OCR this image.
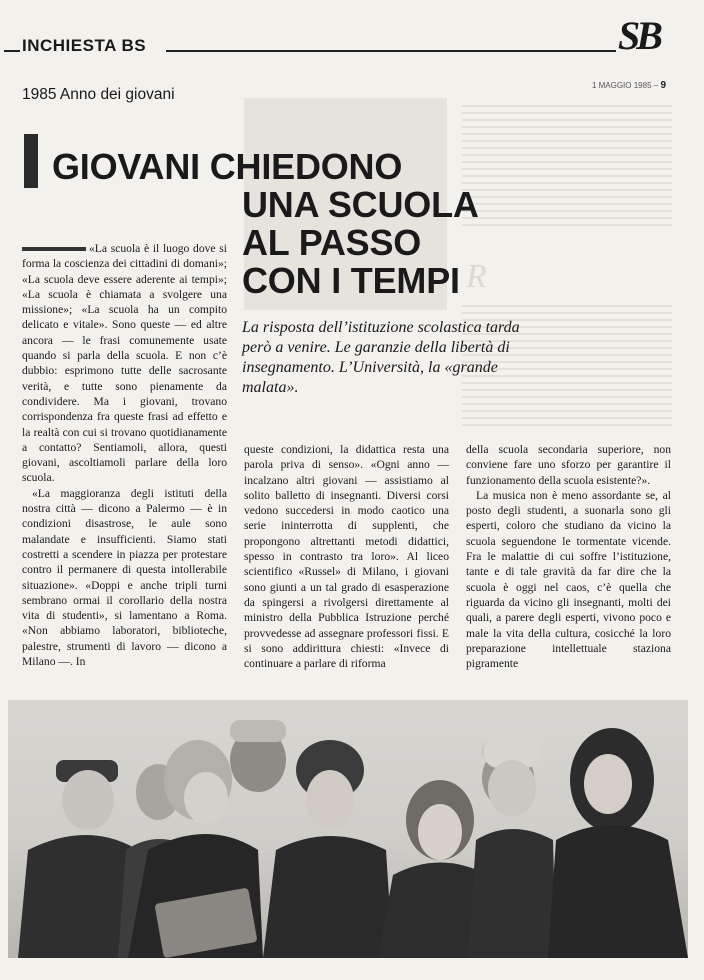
INCHIESTA BS	SB
1 MAGGIO 1985 – 9
1985 Anno dei giovani
R
GIOVANI CHIEDONO
UNA SCUOLA
AL PASSO
CON I TEMPI
La risposta dell’istituzione scolastica tarda però a venire. Le garanzie della libertà di insegnamento. L’Università, la «grande malata».

«La scuola è il luogo dove si forma la coscienza dei cittadini di domani»; «La scuola deve essere aderente ai tempi»; «La scuola è chiamata a svolgere una missione»; «La scuola ha un compito delicato e vitale». Sono queste — ed altre ancora — le frasi comunemente usate quando si parla della scuola. E non c’è dubbio: esprimono tutte delle sacrosante verità, e tutte sono pienamente da condividere. Ma i giovani, trovano corrispondenza fra queste frasi ad effetto e la realtà con cui si trovano quotidianamente a contatto? Sentiamoli, allora, questi giovani, ascoltiamoli parlare della loro scuola.

«La maggioranza degli istituti della nostra città — dicono a Palermo — è in condizioni disastrose, le aule sono malandate e insufficienti. Siamo stati costretti a scendere in piazza per protestare contro il permanere di questa intollerabile situazione». «Doppi e anche tripli turni sembrano ormai il corollario della nostra vita di studenti», si lamentano a Roma. «Non abbiamo laboratori, biblioteche, palestre, strumenti di lavoro — dicono a Milano —. In

queste condizioni, la didattica resta una parola priva di senso». «Ogni anno — incalzano altri giovani — assistiamo al solito balletto di insegnanti. Diversi corsi vedono succedersi in modo caotico una serie ininterrotta di supplenti, che propongono altrettanti metodi didattici, spesso in contrasto tra loro». Al liceo scientifico «Russel» di Milano, i giovani sono giunti a un tal grado di esasperazione da spingersi a rivolgersi direttamente al ministro della Pubblica Istruzione perché provvedesse ad assegnare professori fissi. E si sono addirittura chiesti: «Invece di continuare a parlare di riforma

della scuola secondaria superiore, non conviene fare uno sforzo per garantire il funzionamento della scuola esistente?».

La musica non è meno assordante se, al posto degli studenti, a suonarla sono gli esperti, coloro che studiano da vicino la scuola seguendone le tormentate vicende. Fra le malattie di cui soffre l’istituzione, tante e di tale gravità da far dire che la scuola è oggi nel caos, c’è quella che riguarda da vicino gli insegnanti, molti dei quali, a parere degli esperti, vivono poco e male la vita della cultura, cosicché la loro preparazione intellettuale staziona pigramente
